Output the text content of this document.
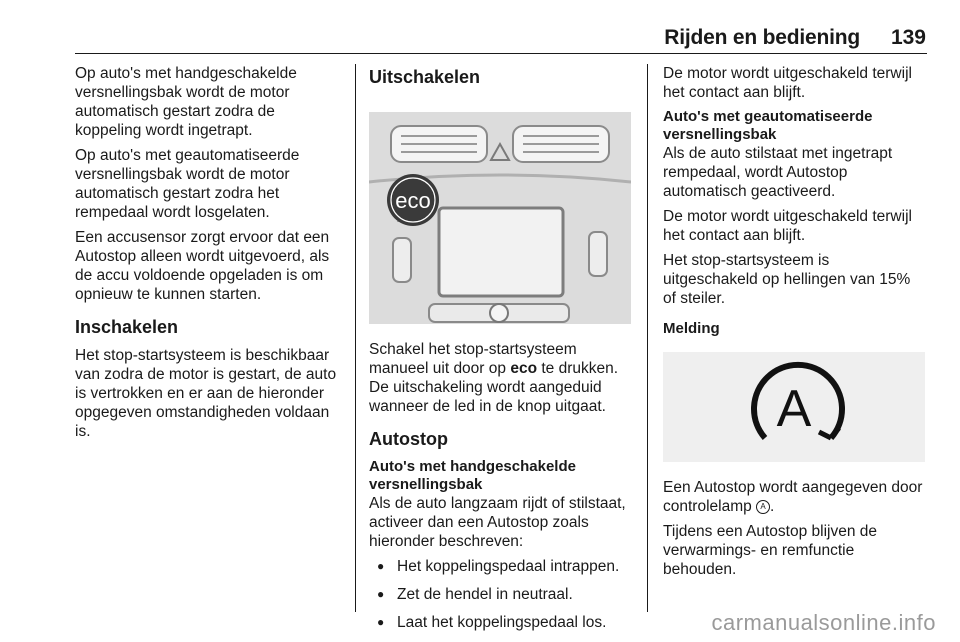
Rijden en bediening	139

Op auto's met handgeschakelde versnellingsbak wordt de motor automatisch gestart zodra de koppeling wordt ingetrapt.

Op auto's met geautomatiseerde versnellingsbak wordt de motor automatisch gestart zodra het rempedaal wordt losgelaten.

Een accusensor zorgt ervoor dat een Autostop alleen wordt uitgevoerd, als de accu voldoende opgeladen is om opnieuw te kunnen starten.

Inschakelen

Het stop-startsysteem is beschikbaar van zodra de motor is gestart, de auto is vertrokken en er aan de hieronder opgegeven omstandigheden voldaan is.

Uitschakelen
eco

Schakel het stop-startsysteem manueel uit door op eco te drukken. De uitschakeling wordt aangeduid wanneer de led in de knop uitgaat.

Autostop
Auto's met handgeschakelde versnellingsbak

Als de auto langzaam rijdt of stilstaat, activeer dan een Autostop zoals hieronder beschreven:

● Het koppelingspedaal intrappen.
● Zet de hendel in neutraal.
● Laat het koppelingspedaal los.

De motor wordt uitgeschakeld terwijl het contact aan blijft.

Auto's met geautomatiseerde versnellingsbak

Als de auto stilstaat met ingetrapt rempedaal, wordt Autostop automatisch geactiveerd.

De motor wordt uitgeschakeld terwijl het contact aan blijft.

Het stop-startsysteem is uitgeschakeld op hellingen van 15% of steiler.

Melding
A

Een Autostop wordt aangegeven door controlelamp A .

Tijdens een Autostop blijven de verwarmings- en remfunctie behouden.

carmanualsonline.info
